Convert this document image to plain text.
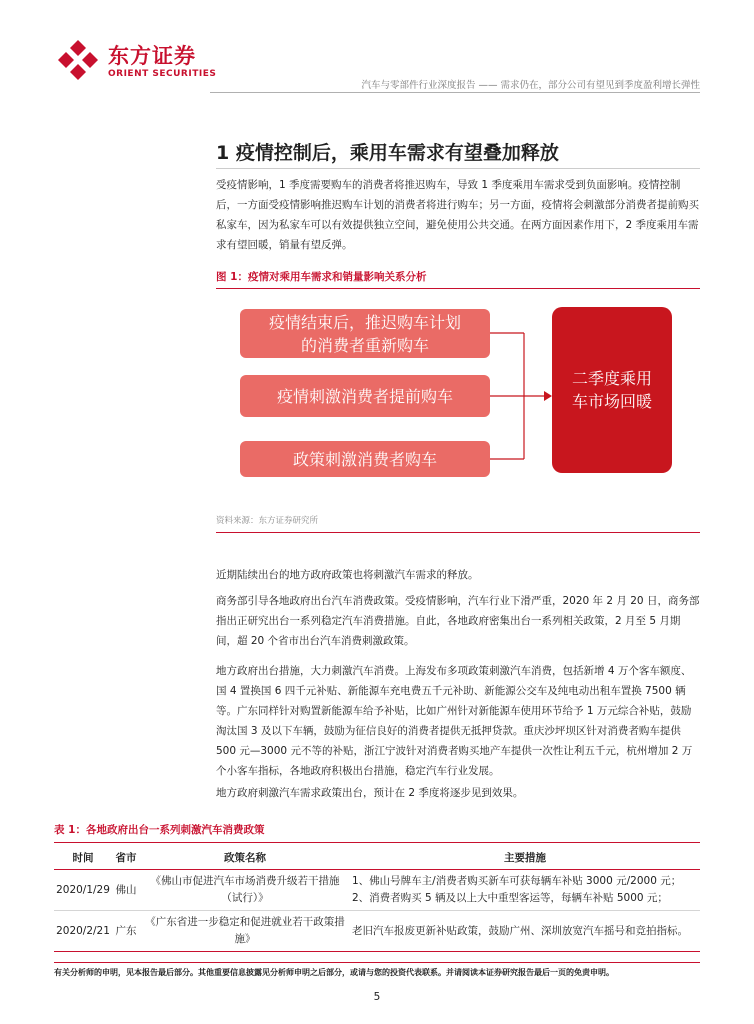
东方证券
ORIENT SECURITIES
汽车与零部件行业深度报告 —— 需求仍在，部分公司有望见到季度盈利增长弹性
1 疫情控制后，乘用车需求有望叠加释放
受疫情影响，1 季度需要购车的消费者将推迟购车，导致 1 季度乘用车需求受到负面影响。疫情控制后，一方面受疫情影响推迟购车计划的消费者将进行购车；另一方面，疫情将会刺激部分消费者提前购买私家车，因为私家车可以有效提供独立空间，避免使用公共交通。在两方面因素作用下，2 季度乘用车需求有望回暖，销量有望反弹。
图 1：疫情对乘用车需求和销量影响关系分析
疫情结束后，推迟购车计划
的消费者重新购车
疫情刺激消费者提前购车
政策刺激消费者购车
二季度乘用
车市场回暖
资料来源：东方证券研究所
近期陆续出台的地方政府政策也将刺激汽车需求的释放。
商务部引导各地政府出台汽车消费政策。受疫情影响，汽车行业下滑严重，2020 年 2 月 20 日，商务部指出正研究出台一系列稳定汽车消费措施。自此，各地政府密集出台一系列相关政策，2 月至 5 月期间，超 20 个省市出台汽车消费刺激政策。
地方政府出台措施，大力刺激汽车消费。上海发布多项政策刺激汽车消费，包括新增 4 万个客车额度、国 4 置换国 6 四千元补贴、新能源车充电费五千元补助、新能源公交车及纯电动出租车置换 7500 辆等。广东同样针对购置新能源车给予补贴，比如广州针对新能源车使用环节给予 1 万元综合补贴，鼓励淘汰国 3 及以下车辆，鼓励为征信良好的消费者提供无抵押贷款。重庆沙坪坝区针对消费者购车提供 500 元—3000 元不等的补贴，浙江宁波针对消费者购买地产车提供一次性让利五千元，杭州增加 2 万个小客车指标，各地政府积极出台措施，稳定汽车行业发展。
地方政府刺激汽车需求政策出台，预计在 2 季度将逐步见到效果。
表 1：各地政府出台一系列刺激汽车消费政策
时间	省市	政策名称	主要措施
2020/1/29	佛山	《佛山市促进汽车市场消费升级若干措施（试行）》	1、佛山号牌车主/消费者购买新车可获每辆车补贴 3000 元/2000 元；
2、消费者购买 5 辆及以上大中重型客运等，每辆车补贴 5000 元；

2020/2/21	广东	《广东省进一步稳定和促进就业若干政策措施》	老旧汽车报废更新补贴政策，鼓励广州、深圳放宽汽车摇号和竞拍指标。
有关分析师的申明，见本报告最后部分。其他重要信息披露见分析师申明之后部分，或请与您的投资代表联系。并请阅读本证券研究报告最后一页的免责申明。
5
